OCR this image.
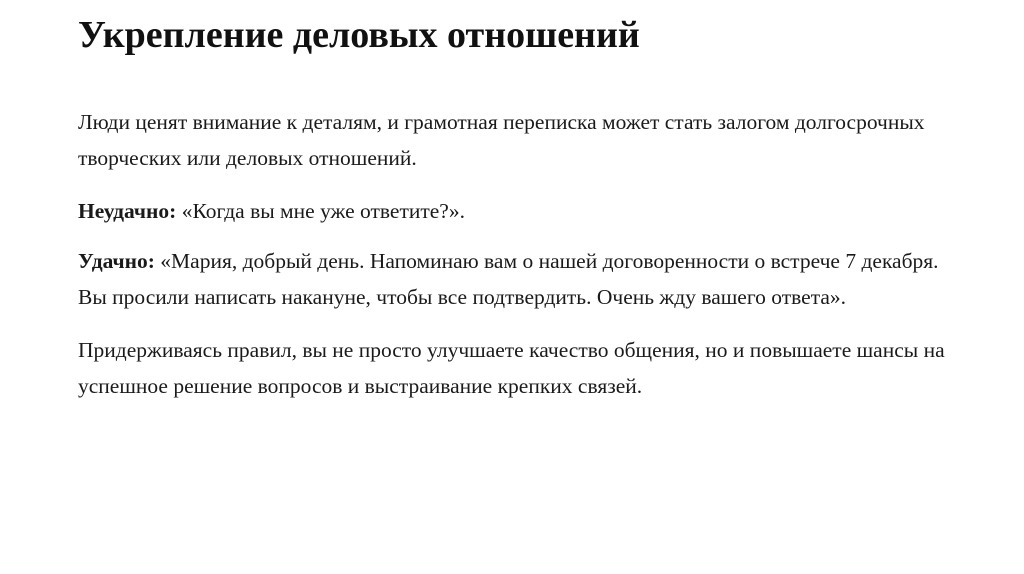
Укрепление деловых отношений

Люди ценят внимание к деталям, и грамотная переписка может стать залогом долгосрочных творческих или деловых отношений.

Неудачно: «Когда вы мне уже ответите?».

Удачно: «Мария, добрый день. Напоминаю вам о нашей договоренности о встрече 7 декабря. Вы просили написать накануне, чтобы все подтвердить. Очень жду вашего ответа».

Придерживаясь правил, вы не просто улучшаете качество общения, но и повышаете шансы на успешное решение вопросов и выстраивание крепких связей.
